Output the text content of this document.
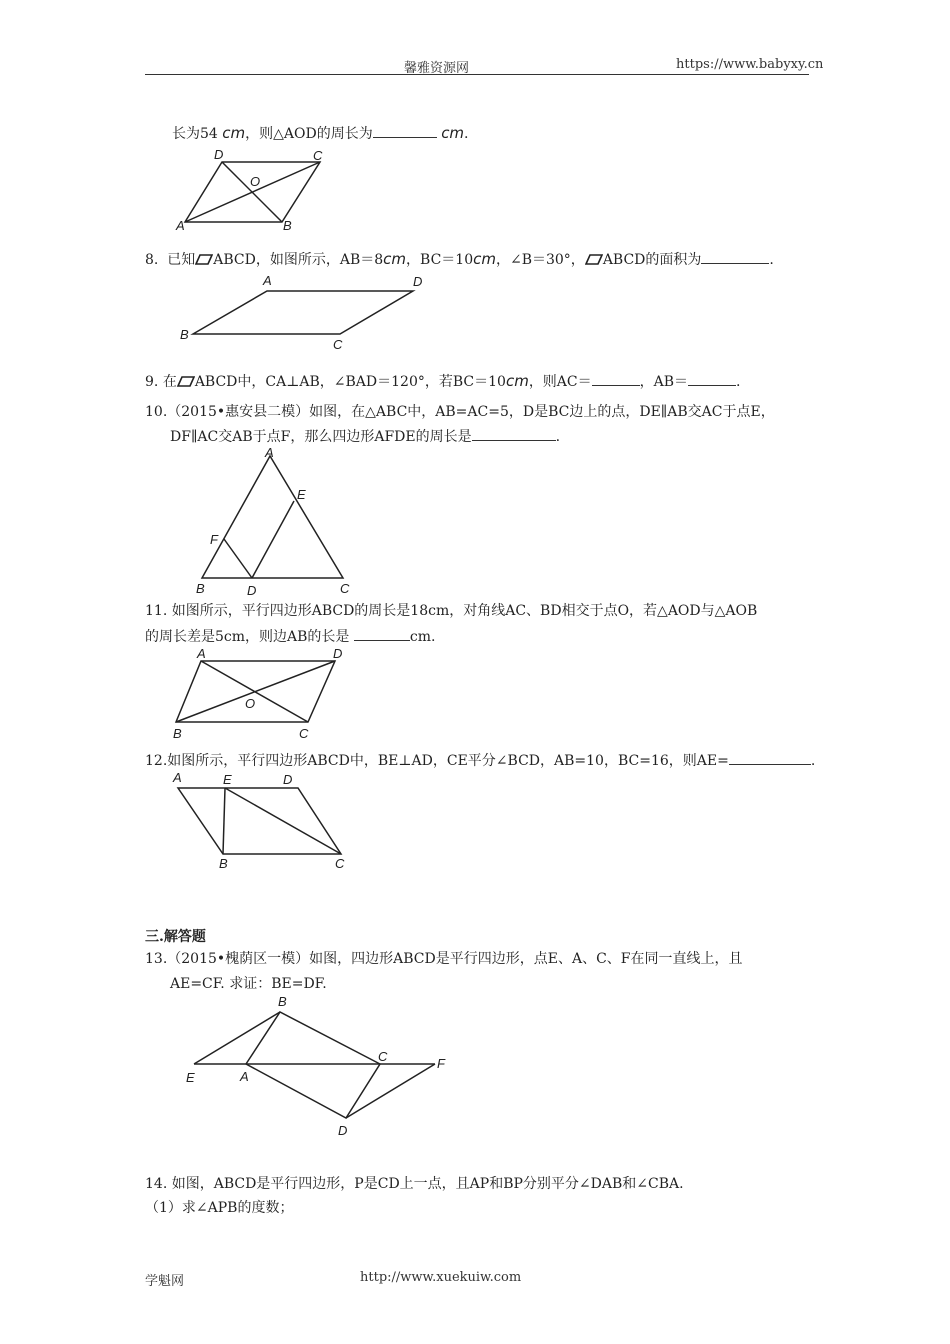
馨雅资源网	https://www.babyxy.cn
长为54 cm，则△AOD的周长为	cm.
D	C
O
A	B
8. 已知 ABCD，如图所示，AB＝8cm，BC＝10cm，∠B＝30°， ABCD的面积为	.
A	D
B
C
9. 在 ABCD中，CA⊥AB，∠BAD＝120°，若BC＝10cm，则AC＝	，AB＝	.
10.（2015•惠安县二模）如图，在△ABC中，AB=AC=5，D是BC边上的点，DE∥AB交AC于点E，
DF∥AC交AB于点F，那么四边形AFDE的周长是	.
A
E
F
B	D	C
11. 如图所示，平行四边形ABCD的周长是18cm，对角线AC、BD相交于点O，若△AOD与△AOB
的周长差是5cm，则边AB的长是	cm.
A	D
O
B	C
12.如图所示，平行四边形ABCD中，BE⊥AD，CE平分∠BCD，AB=10，BC=16，则AE=	.
A	E	D
B	C
三.解答题
13.（2015•槐荫区一模）如图，四边形ABCD是平行四边形，点E、A、C、F在同一直线上，且
AE=CF. 求证：BE=DF.
B
C	F
E	A
D
14. 如图，ABCD是平行四边形，P是CD上一点，且AP和BP分别平分∠DAB和∠CBA.
（1）求∠APB的度数；
学魁网	http://www.xuekuiw.com
